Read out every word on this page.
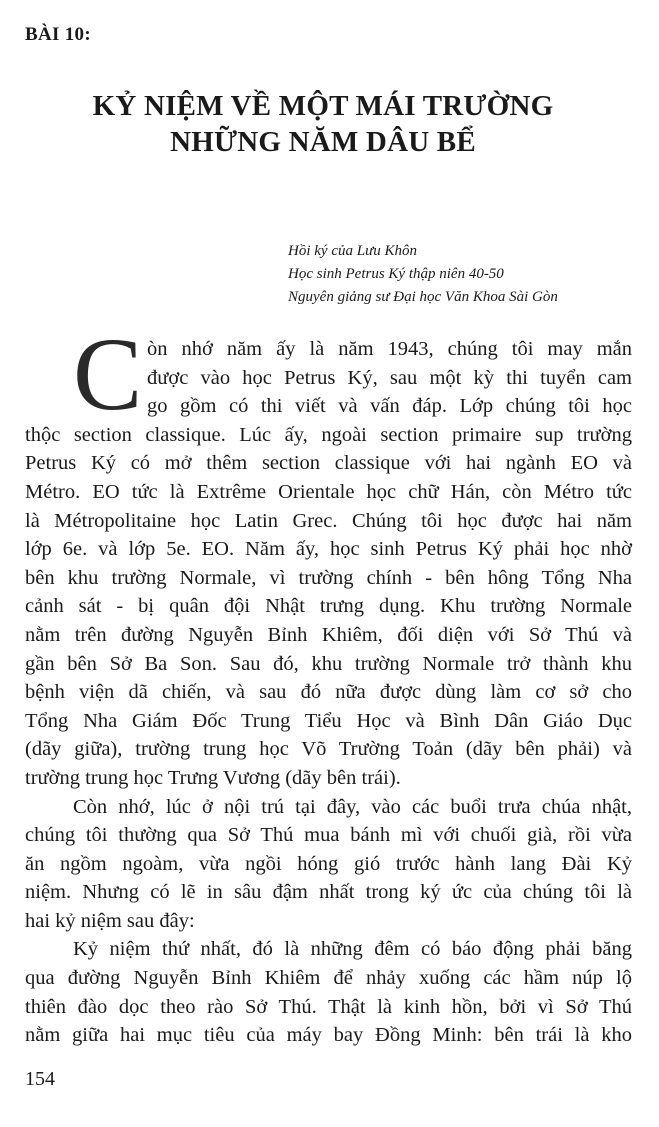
BÀI 10:
KỶ NIỆM VỀ MỘT MÁI TRƯỜNG
NHỮNG NĂM DÂU BỂ
Hồi ký của Lưu Khôn
Học sinh Petrus Ký thập niên 40-50
Nguyên giảng sư Đại học Văn Khoa Sài Gòn
C òn nhớ năm ấy là năm 1943, chúng tôi may mắn
được vào học Petrus Ký, sau một kỳ thi tuyển cam
go gồm có thi viết và vấn đáp. Lớp chúng tôi học
thộc section classique. Lúc ấy, ngoài section primaire sup trường
Petrus Ký có mở thêm section classique với hai ngành EO và
Métro. EO tức là Extrême Orientale học chữ Hán, còn Métro tức
là Métropolitaine học Latin Grec. Chúng tôi học được hai năm
lớp 6e. và lớp 5e. EO. Năm ấy, học sinh Petrus Ký phải học nhờ
bên khu trường Normale, vì trường chính - bên hông Tổng Nha
cảnh sát - bị quân đội Nhật trưng dụng. Khu trường Normale
nằm trên đường Nguyễn Bỉnh Khiêm, đối diện với Sở Thú và
gần bên Sở Ba Son. Sau đó, khu trường Normale trở thành khu
bệnh viện dã chiến, và sau đó nữa được dùng làm cơ sở cho
Tổng Nha Giám Đốc Trung Tiểu Học và Bình Dân Giáo Dục
(dãy giữa), trường trung học Võ Trường Toản (dãy bên phải) và
trường trung học Trưng Vương (dãy bên trái).
Còn nhớ, lúc ở nội trú tại đây, vào các buổi trưa chúa nhật,
chúng tôi thường qua Sở Thú mua bánh mì với chuối già, rồi vừa
ăn ngồm ngoàm, vừa ngồi hóng gió trước hành lang Đài Kỷ
niệm. Nhưng có lẽ in sâu đậm nhất trong ký ức của chúng tôi là
hai kỷ niệm sau đây:
Kỷ niệm thứ nhất, đó là những đêm có báo động phải băng
qua đường Nguyễn Bỉnh Khiêm để nhảy xuống các hầm núp lộ
thiên đào dọc theo rào Sở Thú. Thật là kinh hồn, bởi vì Sở Thú
nằm giữa hai mục tiêu của máy bay Đồng Minh: bên trái là kho
154
